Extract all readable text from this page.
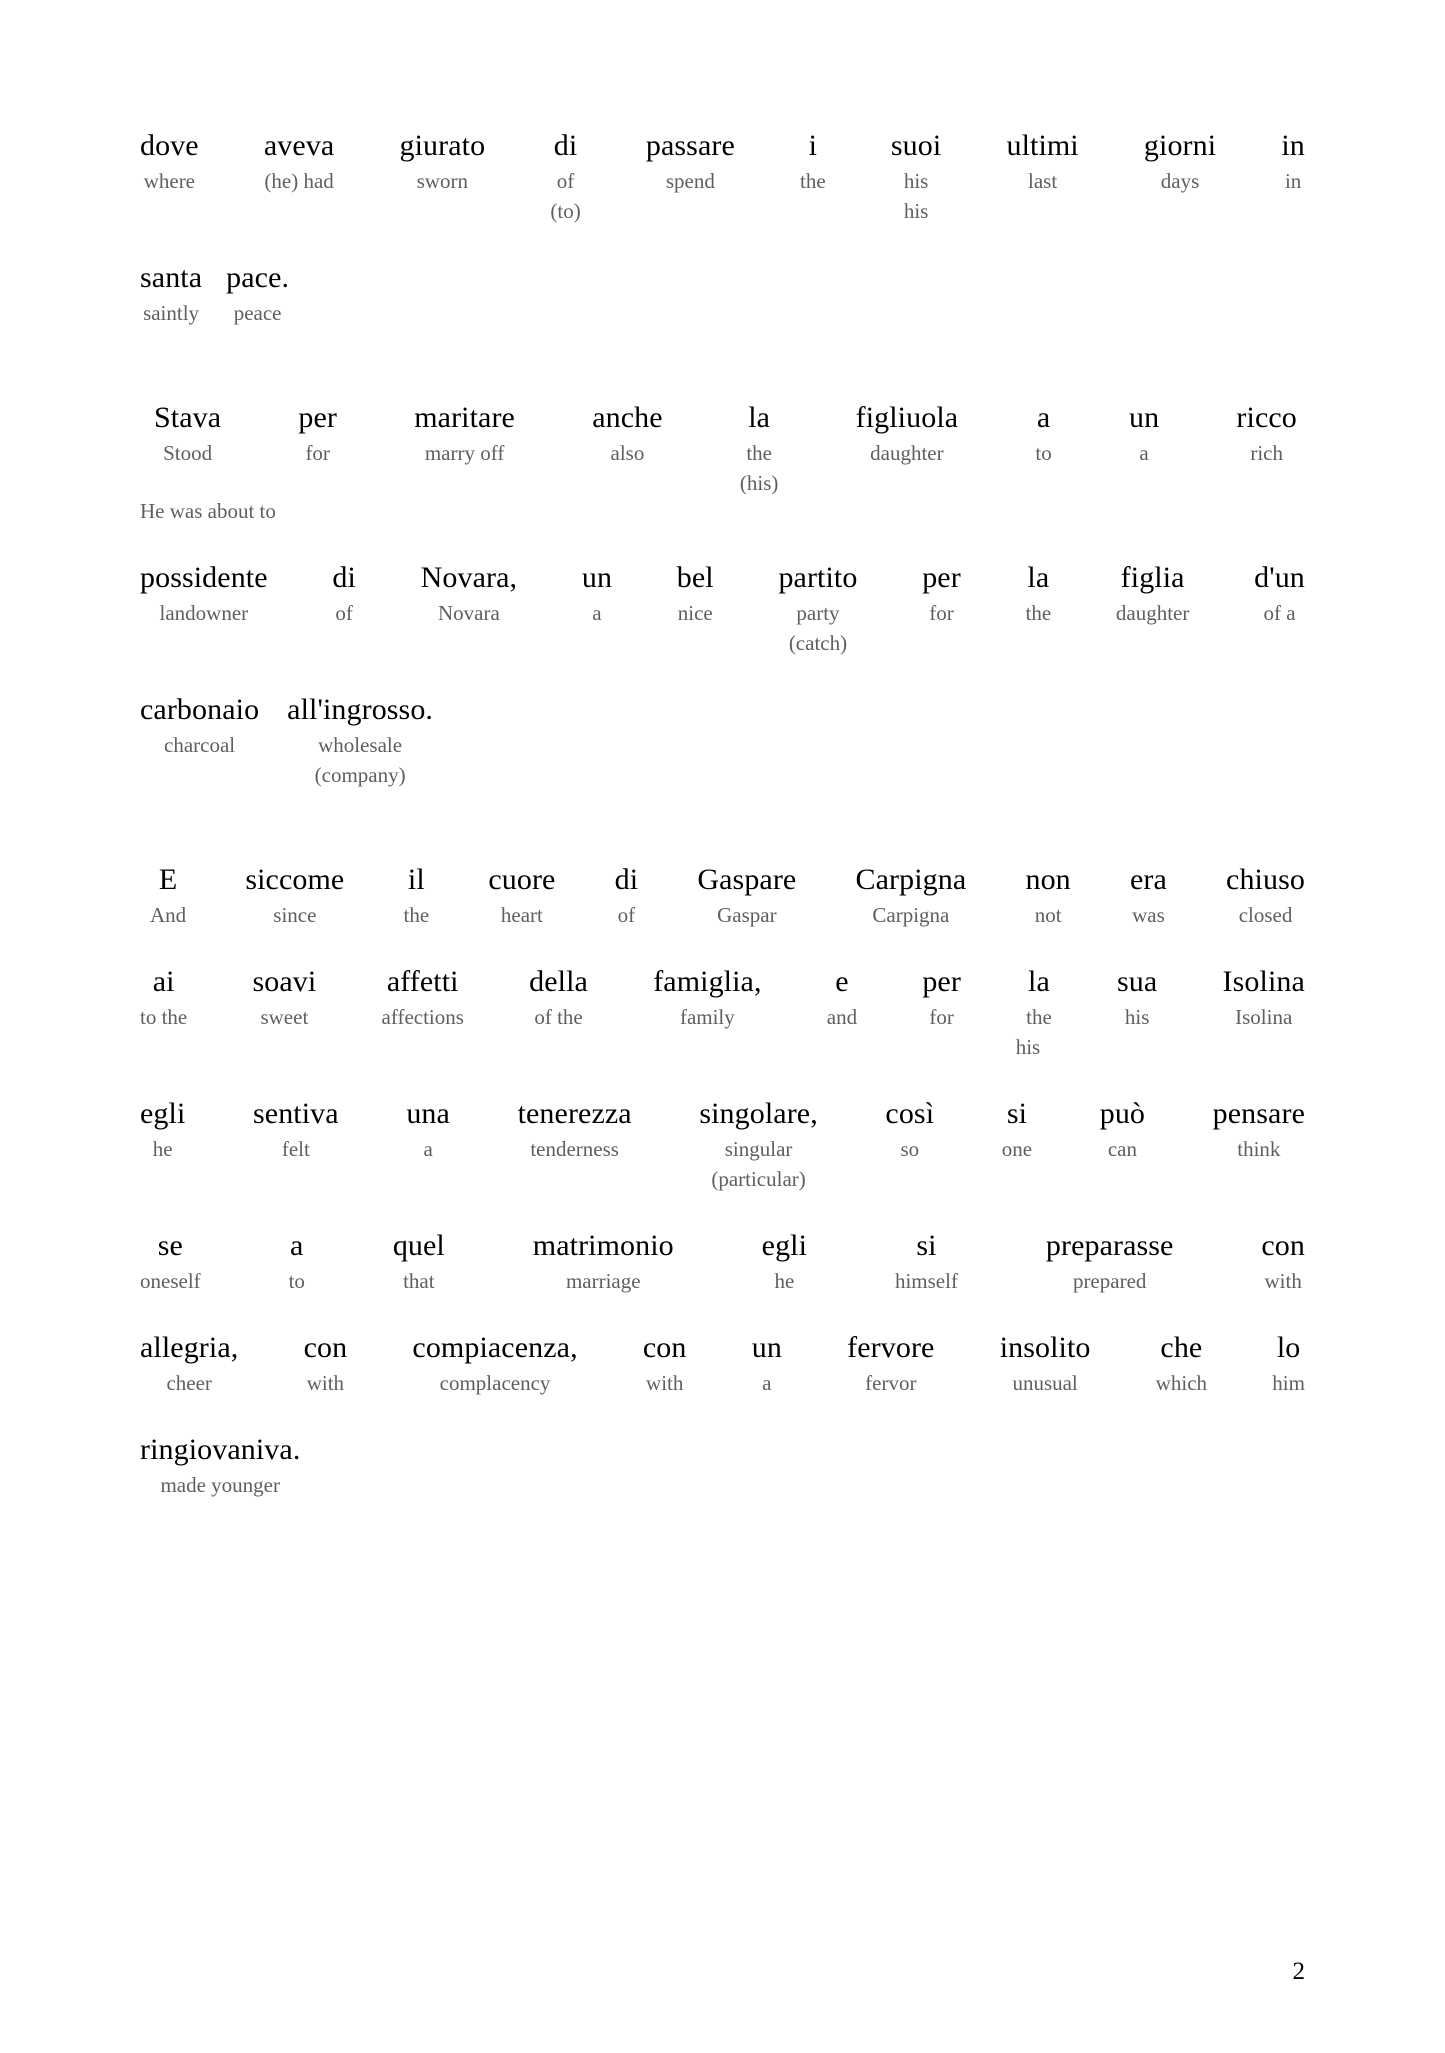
dove
where
aveva
(he) had
giurato
sworn
di
of
(to)
passare
spend
i
the
suoi
his
his
ultimi
last
giorni
days
in
in
santa
saintly
pace.
peace
Stava
Stood
per
for
maritare
marry off
anche
also
la
the
(his)
figliuola
daughter
a
to
un
a
ricco
rich
He was about to
possidente
landowner
di
of
Novara,
Novara
un
a
bel
nice
partito
party
(catch)
per
for
la
the
figlia
daughter
d'un
of a
carbonaio
charcoal
all'ingrosso.
wholesale
(company)
E
And
siccome
since
il
the
cuore
heart
di
of
Gaspare
Gaspar
Carpigna
Carpigna
non
not
era
was
chiuso
closed
ai
to the
soavi
sweet
affetti
affections
della
of the
famiglia,
family
e
and
per
for
la
the
his
sua
his
Isolina
Isolina
egli
he
sentiva
felt
una
a
tenerezza
tenderness
singolare,
singular
(particular)
così
so
si
one
può
can
pensare
think
se
oneself
a
to
quel
that
matrimonio
marriage
egli
he
si
himself
preparasse
prepared
con
with
allegria,
cheer
con
with
compiacenza,
complacency
con
with
un
a
fervore
fervor
insolito
unusual
che
which
lo
him
ringiovaniva.
made younger
2
